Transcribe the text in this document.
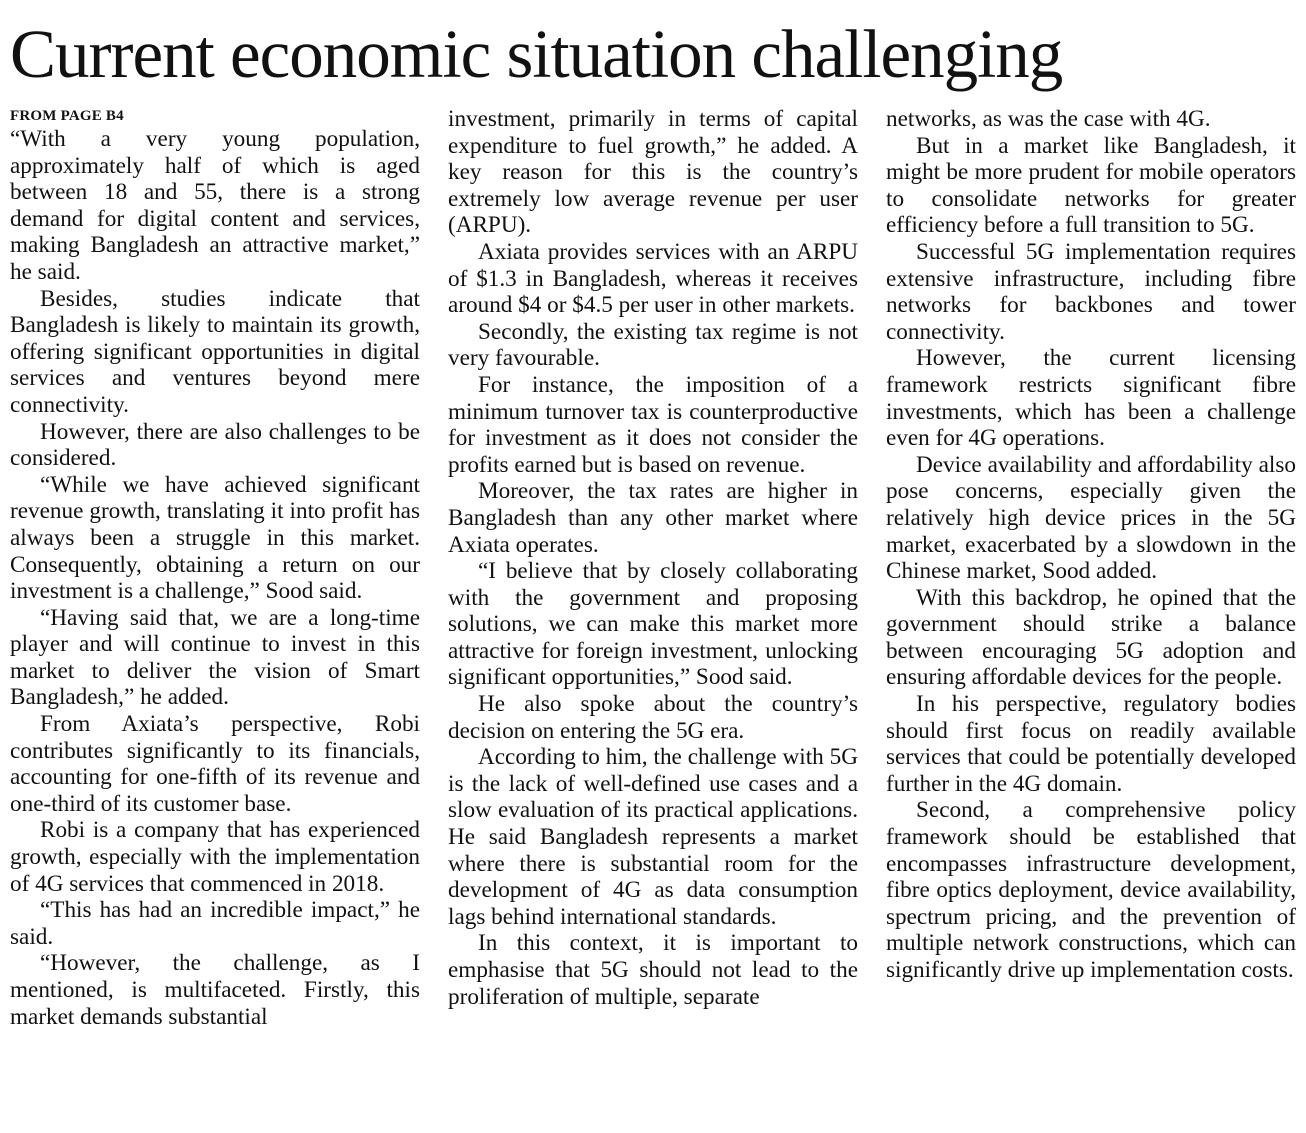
Current economic situation challenging
FROM PAGE B4

“With a very young population, approximately half of which is aged between 18 and 55, there is a strong demand for digital content and services, making Bangladesh an attractive market,” he said.

Besides, studies indicate that Bangladesh is likely to maintain its growth, offering significant opportunities in digital services and ventures beyond mere connectivity.

However, there are also challenges to be considered.

“While we have achieved significant revenue growth, translating it into profit has always been a struggle in this market. Consequently, obtaining a return on our investment is a challenge,” Sood said.

“Having said that, we are a long-time player and will continue to invest in this market to deliver the vision of Smart Bangladesh,” he added.

From Axiata’s perspective, Robi contributes significantly to its financials, accounting for one-fifth of its revenue and one-third of its customer base.

Robi is a company that has experienced growth, especially with the implementation of 4G services that commenced in 2018.

“This has had an incredible impact,” he said.

“However, the challenge, as I mentioned, is multifaceted. Firstly, this market demands substantial

investment, primarily in terms of capital expenditure to fuel growth,” he added. A key reason for this is the country’s extremely low average revenue per user (ARPU).

Axiata provides services with an ARPU of $1.3 in Bangladesh, whereas it receives around $4 or $4.5 per user in other markets.

Secondly, the existing tax regime is not very favourable.

For instance, the imposition of a minimum turnover tax is counterproductive for investment as it does not consider the profits earned but is based on revenue.

Moreover, the tax rates are higher in Bangladesh than any other market where Axiata operates.

“I believe that by closely collaborating with the government and proposing solutions, we can make this market more attractive for foreign investment, unlocking significant opportunities,” Sood said.

He also spoke about the country’s decision on entering the 5G era.

According to him, the challenge with 5G is the lack of well-defined use cases and a slow evaluation of its practical applications. He said Bangladesh represents a market where there is substantial room for the development of 4G as data consumption lags behind international standards.

In this context, it is important to emphasise that 5G should not lead to the proliferation of multiple, separate

networks, as was the case with 4G.

But in a market like Bangladesh, it might be more prudent for mobile operators to consolidate networks for greater efficiency before a full transition to 5G.

Successful 5G implementation requires extensive infrastructure, including fibre networks for backbones and tower connectivity.

However, the current licensing framework restricts significant fibre investments, which has been a challenge even for 4G operations.

Device availability and affordability also pose concerns, especially given the relatively high device prices in the 5G market, exacerbated by a slowdown in the Chinese market, Sood added.

With this backdrop, he opined that the government should strike a balance between encouraging 5G adoption and ensuring affordable devices for the people.

In his perspective, regulatory bodies should first focus on readily available services that could be potentially developed further in the 4G domain.

Second, a comprehensive policy framework should be established that encompasses infrastructure development, fibre optics deployment, device availability, spectrum pricing, and the prevention of multiple network constructions, which can significantly drive up implementation costs.
